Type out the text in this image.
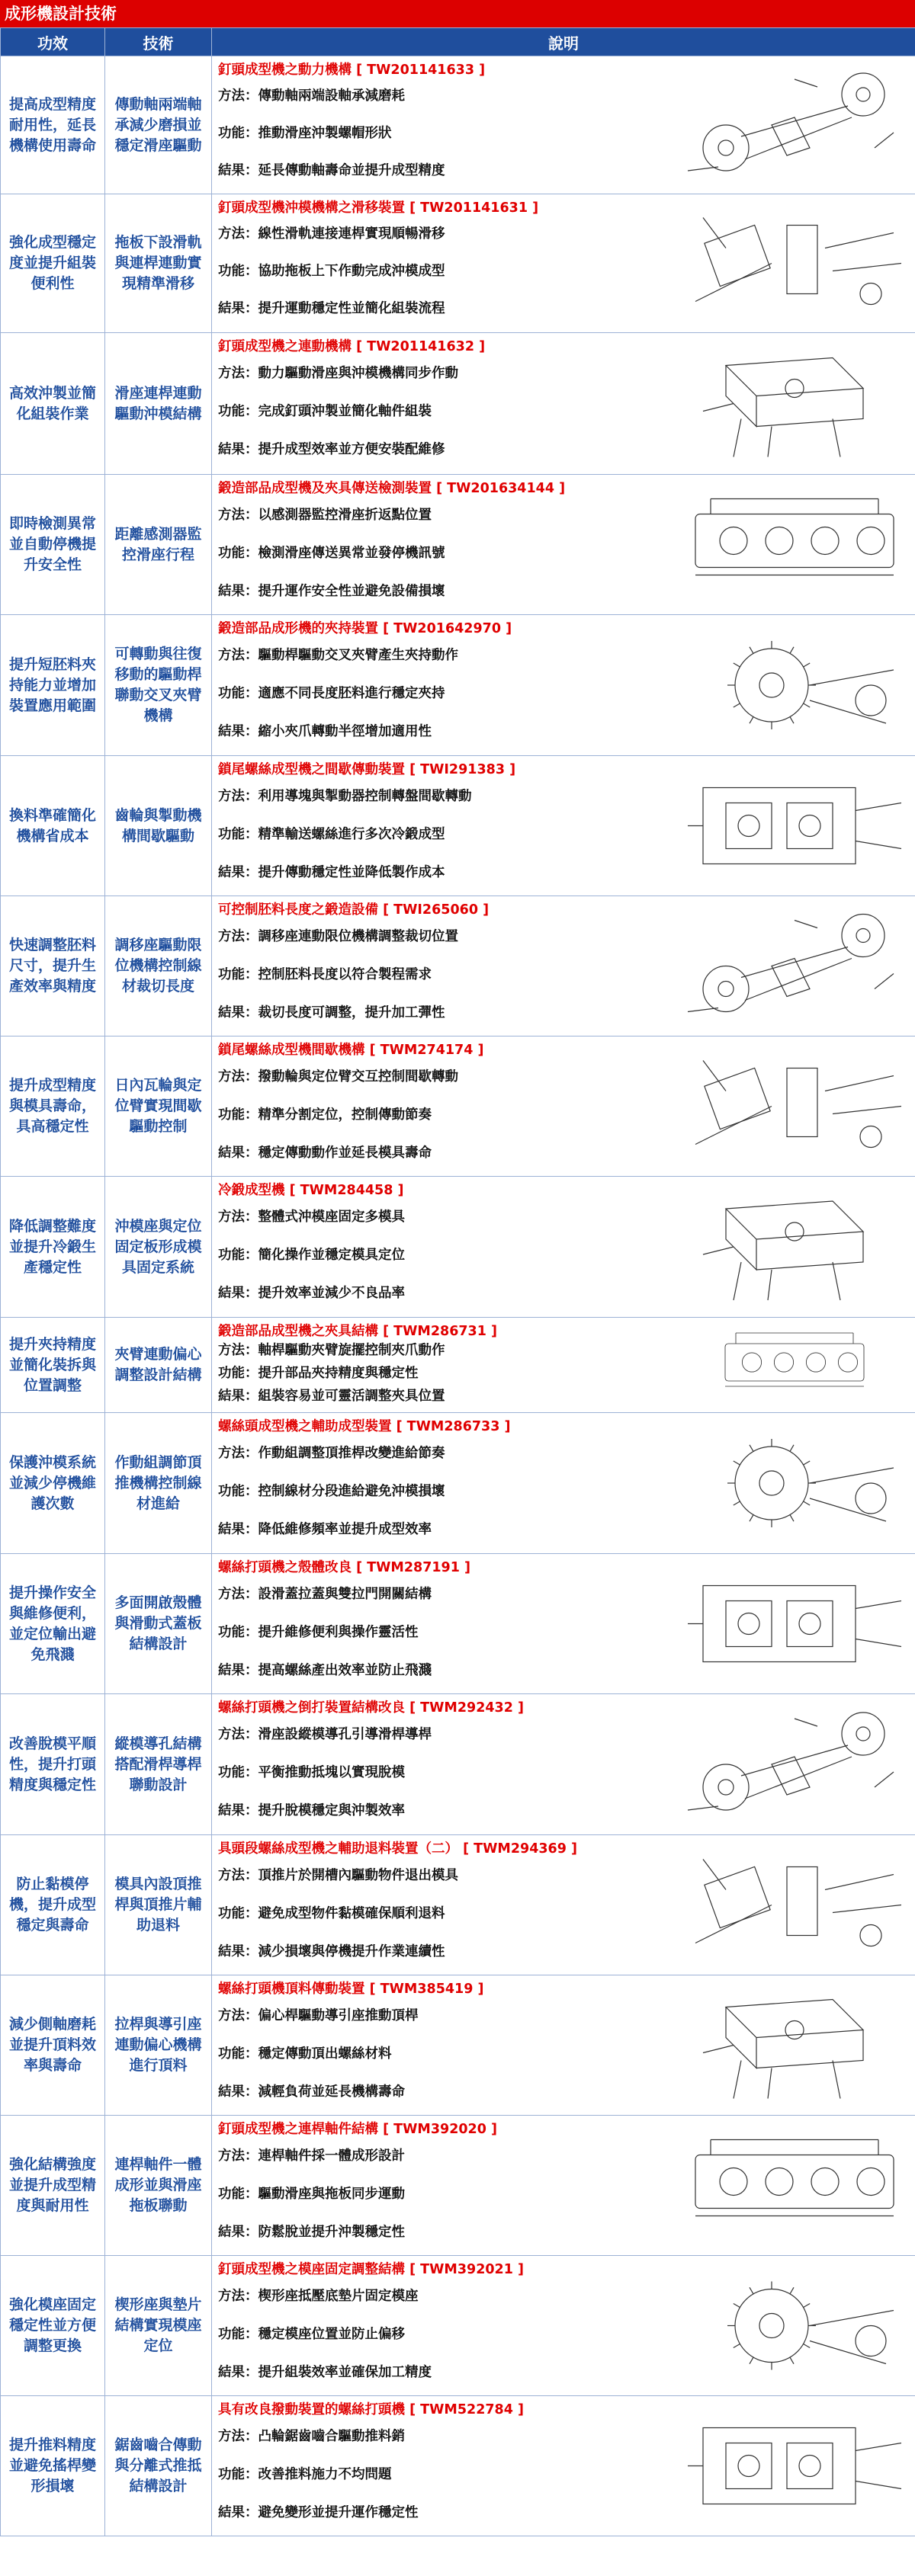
成形機設計技術
功效	技術	說明
提高成型精度耐用性，延長機構使用壽命	傳動軸兩端軸承減少磨損並穩定滑座驅動	釘頭成型機之動力機構 [ TW201141633 ]
方法：傳動軸兩端設軸承減磨耗
功能：推動滑座沖製螺帽形狀
結果：延長傳動軸壽命並提升成型精度

強化成型穩定度並提升組裝便利性	拖板下設滑軌與連桿連動實現精準滑移	釘頭成型機沖模機構之滑移裝置 [ TW201141631 ]
方法：線性滑軌連接連桿實現順暢滑移
功能：協助拖板上下作動完成沖模成型
結果：提升運動穩定性並簡化組裝流程

高效沖製並簡化組裝作業	滑座連桿連動驅動沖模結構	釘頭成型機之連動機構 [ TW201141632 ]
方法：動力驅動滑座與沖模機構同步作動
功能：完成釘頭沖製並簡化軸件組裝
結果：提升成型效率並方便安裝配維修

即時檢測異常並自動停機提升安全性	距離感測器監控滑座行程	鍛造部品成型機及夾具傳送檢測裝置 [ TW201634144 ]
方法：以感測器監控滑座折返點位置
功能：檢測滑座傳送異常並發停機訊號
結果：提升運作安全性並避免設備損壞

提升短胚料夾持能力並增加裝置應用範圍	可轉動與往復移動的驅動桿聯動交叉夾臂機構	鍛造部品成形機的夾持裝置 [ TW201642970 ]
方法：驅動桿驅動交叉夾臂產生夾持動作
功能：適應不同長度胚料進行穩定夾持
結果：縮小夾爪轉動半徑增加適用性

換料準確簡化機構省成本	齒輪與掣動機構間歇驅動	鎖尾螺絲成型機之間歇傳動裝置 [ TWI291383 ]
方法：利用導塊與掣動器控制轉盤間歇轉動
功能：精準輸送螺絲進行多次冷鍛成型
結果：提升傳動穩定性並降低製作成本

快速調整胚料尺寸，提升生產效率與精度	調移座驅動限位機構控制線材裁切長度	可控制胚料長度之鍛造設備 [ TWI265060 ]
方法：調移座連動限位機構調整裁切位置
功能：控制胚料長度以符合製程需求
結果：裁切長度可調整，提升加工彈性

提升成型精度與模具壽命，具高穩定性	日內瓦輪與定位臂實現間歇驅動控制	鎖尾螺絲成型機間歇機構 [ TWM274174 ]
方法：撥動輪與定位臂交互控制間歇轉動
功能：精準分割定位，控制傳動節奏
結果：穩定傳動動作並延長模具壽命

降低調整難度並提升冷鍛生產穩定性	沖模座與定位固定板形成模具固定系統	冷鍛成型機 [ TWM284458 ]
方法：整體式沖模座固定多模具
功能：簡化操作並穩定模具定位
結果：提升效率並減少不良品率

提升夾持精度並簡化裝拆與位置調整	夾臂連動偏心調整設計結構	鍛造部品成型機之夾具結構 [ TWM286731 ]
方法：軸桿驅動夾臂旋擺控制夾爪動作
功能：提升部品夾持精度與穩定性
結果：組裝容易並可靈活調整夾具位置

保護沖模系統並減少停機維護次數	作動組調節頂推機構控制線材進給	螺絲頭成型機之輔助成型裝置 [ TWM286733 ]
方法：作動組調整頂推桿改變進給節奏
功能：控制線材分段進給避免沖模損壞
結果：降低維修頻率並提升成型效率

提升操作安全與維修便利，並定位輸出避免飛濺	多面開啟殼體與滑動式蓋板結構設計	螺絲打頭機之殼體改良 [ TWM287191 ]
方法：設滑蓋拉蓋與雙拉門開關結構
功能：提升維修便利與操作靈活性
結果：提高螺絲產出效率並防止飛濺

改善脫模平順性，提升打頭精度與穩定性	縱模導孔結構搭配滑桿導桿聯動設計	螺絲打頭機之倒打裝置結構改良 [ TWM292432 ]
方法：滑座設縱模導孔引導滑桿導桿
功能：平衡推動抵塊以實現脫模
結果：提升脫模穩定與沖製效率

防止黏模停機，提升成型穩定與壽命	模具內設頂推桿與頂推片輔助退料	具頭段螺絲成型機之輔助退料裝置（二） [ TWM294369 ]
方法：頂推片於開槽內驅動物件退出模具
功能：避免成型物件黏模確保順利退料
結果：減少損壞與停機提升作業連續性

減少側軸磨耗並提升頂料效率與壽命	拉桿與導引座連動偏心機構進行頂料	螺絲打頭機頂料傳動裝置 [ TWM385419 ]
方法：偏心桿驅動導引座推動頂桿
功能：穩定傳動頂出螺絲材料
結果：減輕負荷並延長機構壽命

強化結構強度並提升成型精度與耐用性	連桿軸件一體成形並與滑座拖板聯動	釘頭成型機之連桿軸件結構 [ TWM392020 ]
方法：連桿軸件採一體成形設計
功能：驅動滑座與拖板同步運動
結果：防鬆脫並提升沖製穩定性

強化模座固定穩定性並方便調整更換	楔形座與墊片結構實現模座定位	釘頭成型機之模座固定調整結構 [ TWM392021 ]
方法：楔形座抵壓底墊片固定模座
功能：穩定模座位置並防止偏移
結果：提升組裝效率並確保加工精度

提升推料精度並避免搖桿變形損壞	鋸齒嚙合傳動與分離式推抵結構設計	具有改良撥動裝置的螺絲打頭機 [ TWM522784 ]
方法：凸輪鋸齒嚙合驅動推料銷
功能：改善推料施力不均問題
結果：避免變形並提升運作穩定性
